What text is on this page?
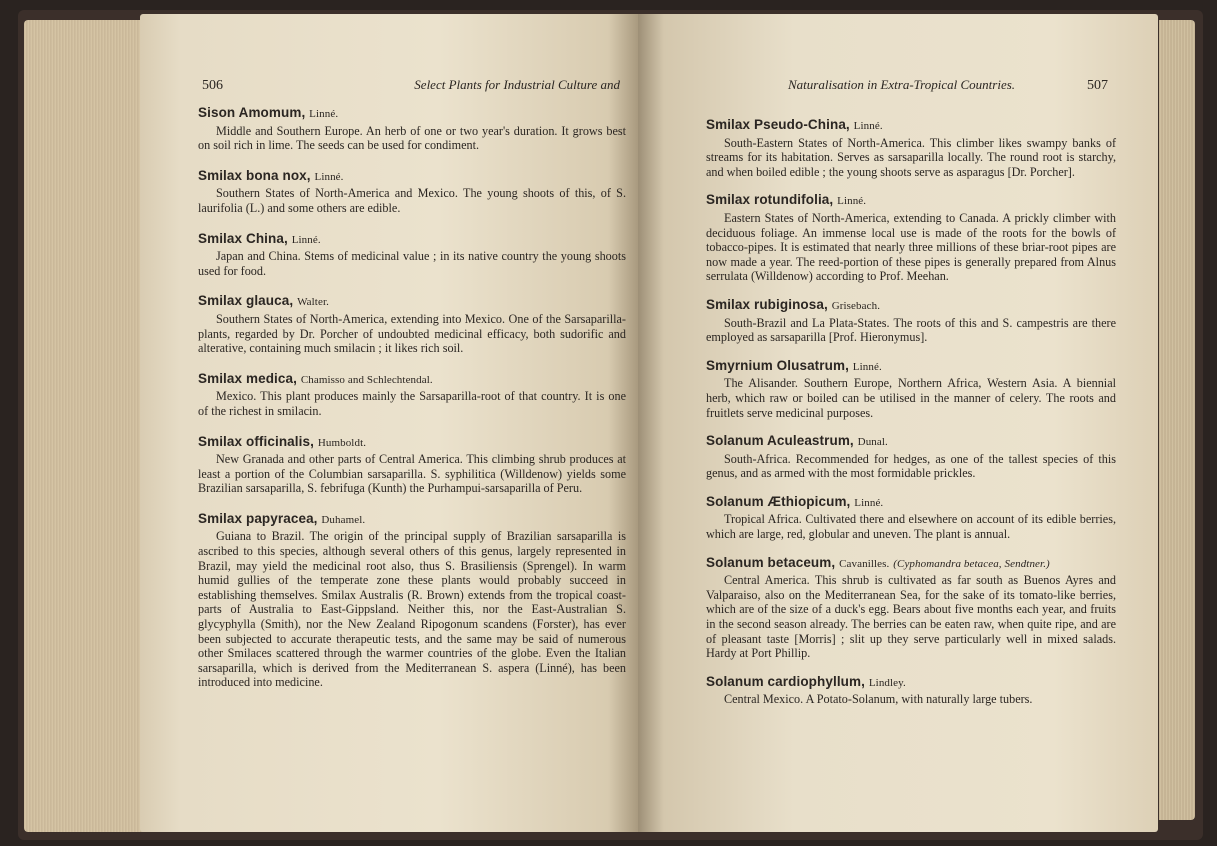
506	Select Plants for Industrial Culture and
Sison Amomum, Linné.
Middle and Southern Europe. An herb of one or two year's duration. It grows best on soil rich in lime. The seeds can be used for condiment.
Smilax bona nox, Linné.
Southern States of North-America and Mexico. The young shoots of this, of S. laurifolia (L.) and some others are edible.
Smilax China, Linné.
Japan and China. Stems of medicinal value ; in its native country the young shoots used for food.
Smilax glauca, Walter.
Southern States of North-America, extending into Mexico. One of the Sarsaparilla-plants, regarded by Dr. Porcher of undoubted medicinal efficacy, both sudorific and alterative, containing much smilacin ; it likes rich soil.
Smilax medica, Chamisso and Schlechtendal.
Mexico. This plant produces mainly the Sarsaparilla-root of that country. It is one of the richest in smilacin.
Smilax officinalis, Humboldt.
New Granada and other parts of Central America. This climbing shrub produces at least a portion of the Columbian sarsaparilla. S. syphilitica (Willdenow) yields some Brazilian sarsaparilla, S. febrifuga (Kunth) the Purhampui-sarsaparilla of Peru.
Smilax papyracea, Duhamel.
Guiana to Brazil. The origin of the principal supply of Brazilian sarsaparilla is ascribed to this species, although several others of this genus, largely represented in Brazil, may yield the medicinal root also, thus S. Brasiliensis (Sprengel). In warm humid gullies of the temperate zone these plants would probably succeed in establishing themselves. Smilax Australis (R. Brown) extends from the tropical coast-parts of Australia to East-Gippsland. Neither this, nor the East-Australian S. glycyphylla (Smith), nor the New Zealand Ripogonum scandens (Forster), has ever been subjected to accurate therapeutic tests, and the same may be said of numerous other Smilaces scattered through the warmer countries of the globe. Even the Italian sarsaparilla, which is derived from the Mediterranean S. aspera (Linné), has been introduced into medicine.
Naturalisation in Extra-Tropical Countries.	507
Smilax Pseudo-China, Linné.
South-Eastern States of North-America. This climber likes swampy banks of streams for its habitation. Serves as sarsaparilla locally. The round root is starchy, and when boiled edible ; the young shoots serve as asparagus [Dr. Porcher].
Smilax rotundifolia, Linné.
Eastern States of North-America, extending to Canada. A prickly climber with deciduous foliage. An immense local use is made of the roots for the bowls of tobacco-pipes. It is estimated that nearly three millions of these briar-root pipes are now made a year. The reed-portion of these pipes is generally prepared from Alnus serrulata (Willdenow) according to Prof. Meehan.
Smilax rubiginosa, Grisebach.
South-Brazil and La Plata-States. The roots of this and S. campestris are there employed as sarsaparilla [Prof. Hieronymus].
Smyrnium Olusatrum, Linné.
The Alisander. Southern Europe, Northern Africa, Western Asia. A biennial herb, which raw or boiled can be utilised in the manner of celery. The roots and fruitlets serve medicinal purposes.
Solanum Aculeastrum, Dunal.
South-Africa. Recommended for hedges, as one of the tallest species of this genus, and as armed with the most formidable prickles.
Solanum Æthiopicum, Linné.
Tropical Africa. Cultivated there and elsewhere on account of its edible berries, which are large, red, globular and uneven. The plant is annual.
Solanum betaceum, Cavanilles. (Cyphomandra betacea, Sendtner.)
Central America. This shrub is cultivated as far south as Buenos Ayres and Valparaiso, also on the Mediterranean Sea, for the sake of its tomato-like berries, which are of the size of a duck's egg. Bears about five months each year, and fruits in the second season already. The berries can be eaten raw, when quite ripe, and are of pleasant taste [Morris] ; slit up they serve particularly well in mixed salads. Hardy at Port Phillip.
Solanum cardiophyllum, Lindley.
Central Mexico. A Potato-Solanum, with naturally large tubers.
